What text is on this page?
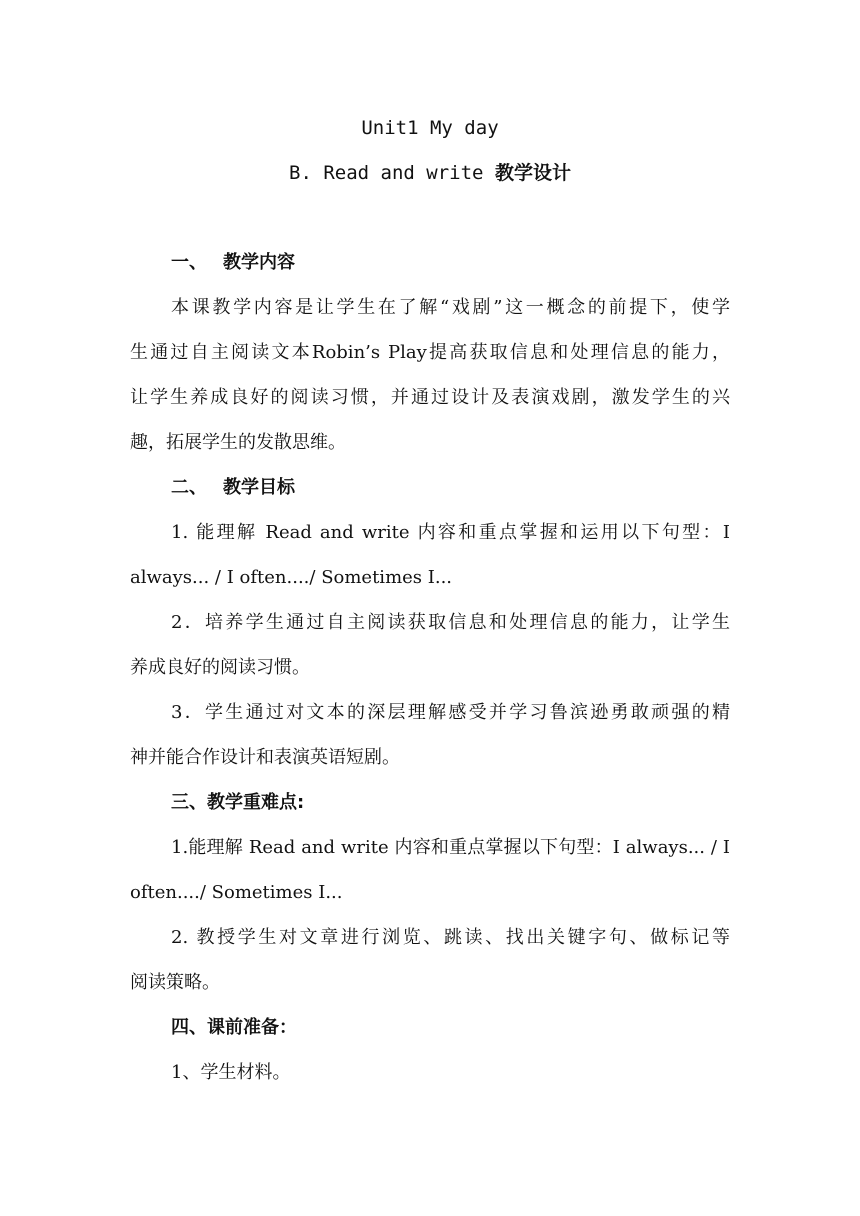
Unit1 My day
B. Read and write 教学设计
一、 教学内容
本课教学内容是让学生在了解“戏剧”这一概念的前提下，使学
生通过自主阅读文本Robin’s Play提高获取信息和处理信息的能力，
让学生养成良好的阅读习惯，并通过设计及表演戏剧，激发学生的兴
趣，拓展学生的发散思维。
二、 教学目标
1. 能理解 Read and write 内容和重点掌握和运用以下句型：I
always... / I often..../ Sometimes I...
2．培养学生通过自主阅读获取信息和处理信息的能力，让学生
养成良好的阅读习惯。
3．学生通过对文本的深层理解感受并学习鲁滨逊勇敢顽强的精
神并能合作设计和表演英语短剧。
三、教学重难点:
1.能理解 Read and write 内容和重点掌握以下句型：I always... / I
often..../ Sometimes I...
2. 教授学生对文章进行浏览、跳读、找出关键字句、做标记等
阅读策略。
四、课前准备：
1、学生材料。
